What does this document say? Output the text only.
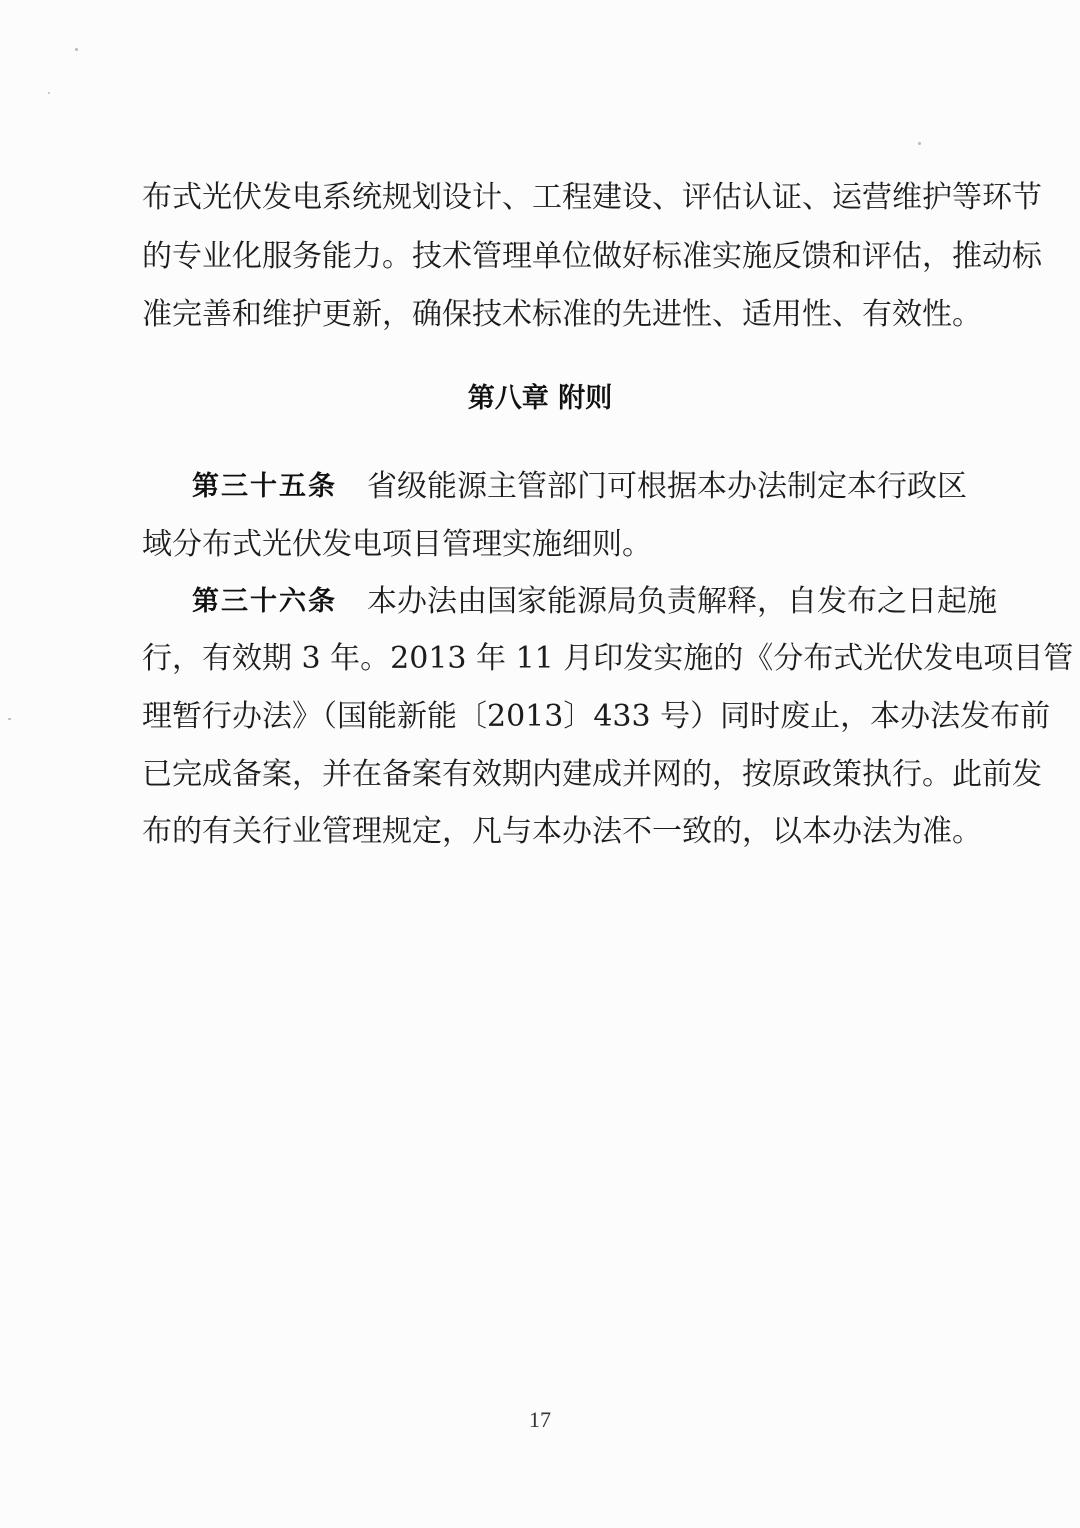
布式光伏发电系统规划设计、工程建设、评估认证、运营维护等环节
的专业化服务能力。技术管理单位做好标准实施反馈和评估，推动标
准完善和维护更新，确保技术标准的先进性、适用性、有效性。
第八章 附则
第三十五条 省级能源主管部门可根据本办法制定本行政区
域分布式光伏发电项目管理实施细则。
第三十六条 本办法由国家能源局负责解释，自发布之日起施
行，有效期 3 年。2013 年 11 月印发实施的《分布式光伏发电项目管
理暂行办法》（国能新能〔2013〕433 号）同时废止，本办法发布前
已完成备案，并在备案有效期内建成并网的，按原政策执行。此前发
布的有关行业管理规定，凡与本办法不一致的，以本办法为准。
17
